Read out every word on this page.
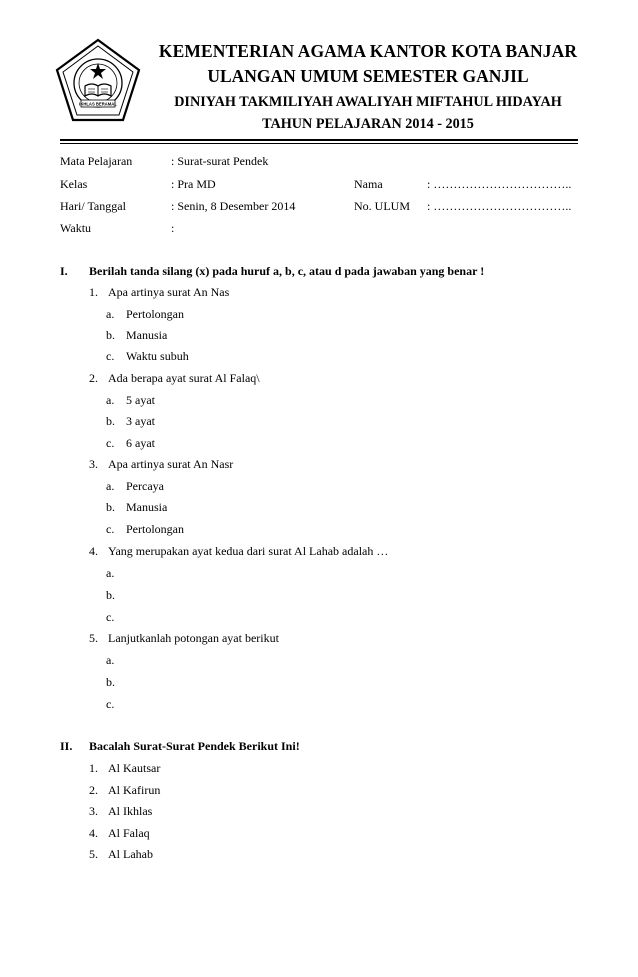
IKHLAS BERAMAL
KEMENTERIAN AGAMA KANTOR KOTA BANJAR
ULANGAN UMUM SEMESTER GANJIL
DINIYAH TAKMILIYAH AWALIYAH MIFTAHUL HIDAYAH
TAHUN PELAJARAN 2014 - 2015
Mata Pelajaran	: Surat-surat Pendek
Kelas	: Pra MD	Nama	: ……………………………..
Hari/ Tanggal	: Senin, 8 Desember 2014	No. ULUM : ……………………………..
Waktu	:
I. Berilah tanda silang (x) pada huruf a, b, c, atau d pada jawaban yang benar !
1. Apa artinya surat An Nas
a. Pertolongan
b. Manusia
c. Waktu subuh
2. Ada berapa ayat surat Al Falaq\
a. 5 ayat
b. 3 ayat
c. 6 ayat
3. Apa artinya surat An Nasr
a. Percaya
b. Manusia
c. Pertolongan
4. Yang merupakan ayat kedua dari surat Al Lahab adalah …
a.
b.
c.
5. Lanjutkanlah potongan ayat berikut
a.
b.
c.
II. Bacalah Surat-Surat Pendek Berikut Ini!
1. Al Kautsar
2. Al Kafirun
3. Al Ikhlas
4. Al Falaq
5. Al Lahab
